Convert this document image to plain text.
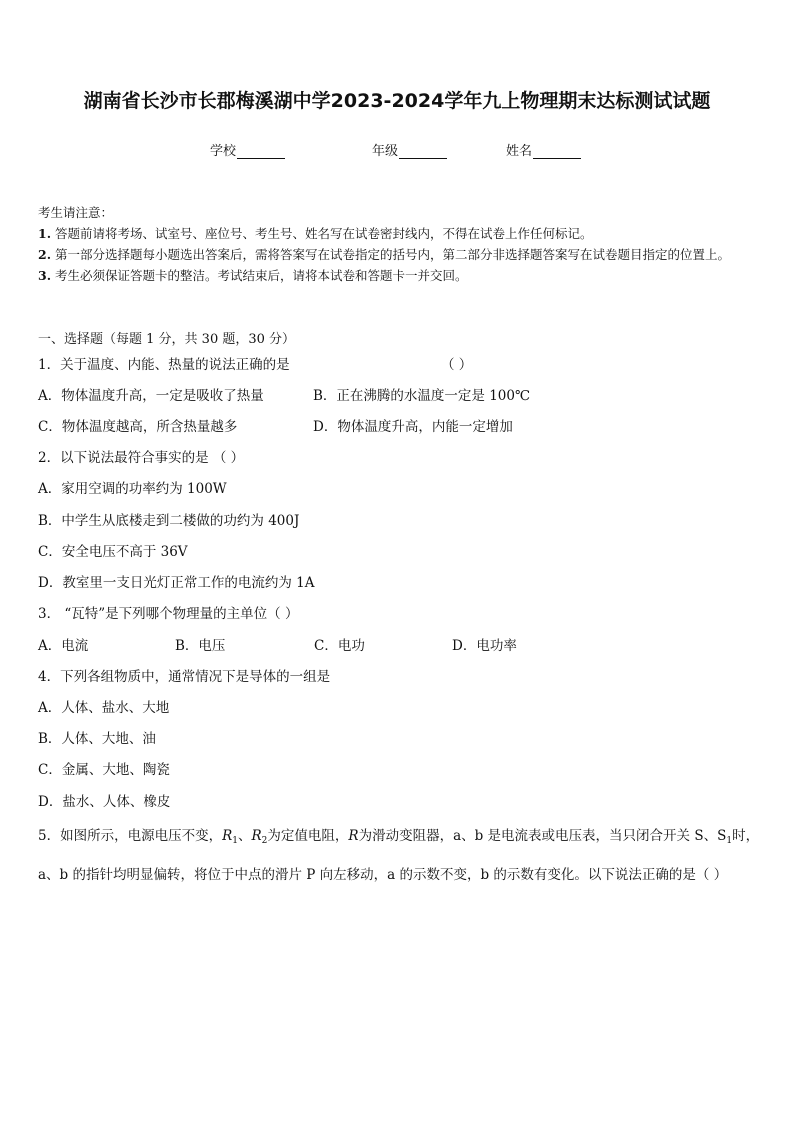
湖南省长沙市长郡梅溪湖中学2023-2024学年九上物理期末达标测试试题
学校	年级	姓名
考生请注意：
1. 答题前请将考场、试室号、座位号、考生号、姓名写在试卷密封线内，不得在试卷上作任何标记。
2. 第一部分选择题每小题选出答案后，需将答案写在试卷指定的括号内，第二部分非选择题答案写在试卷题目指定的位置上。
3. 考生必须保证答题卡的整洁。考试结束后，请将本试卷和答题卡一并交回。
一、选择题（每题 1 分，共 30 题，30 分）
1．关于温度、内能、热量的说法正确的是	（ ）
A．物体温度升高，一定是吸收了热量	B．正在沸腾的水温度一定是 100℃
C．物体温度越高，所含热量越多	D．物体温度升高，内能一定增加
2．以下说法最符合事实的是 （ ）
A．家用空调的功率约为 100W
B．中学生从底楼走到二楼做的功约为 400J
C．安全电压不高于 36V
D．教室里一支日光灯正常工作的电流约为 1A
3． “瓦特”是下列哪个物理量的主单位（ ）
A．电流	B．电压	C．电功	D．电功率
4．下列各组物质中，通常情况下是导体的一组是
A．人体、盐水、大地
B．人体、大地、油
C．金属、大地、陶瓷
D．盐水、人体、橡皮
5．如图所示，电源电压不变，$R_1$、$R_2$为定值电阻，R为滑动变阻器，a、b 是电流表或电压表，当只闭合开关 S、$S_1$时，a、b 的指针均明显偏转，将位于中点的滑片 P 向左移动，a 的示数不变，b 的示数有变化。以下说法正确的是（ ）
